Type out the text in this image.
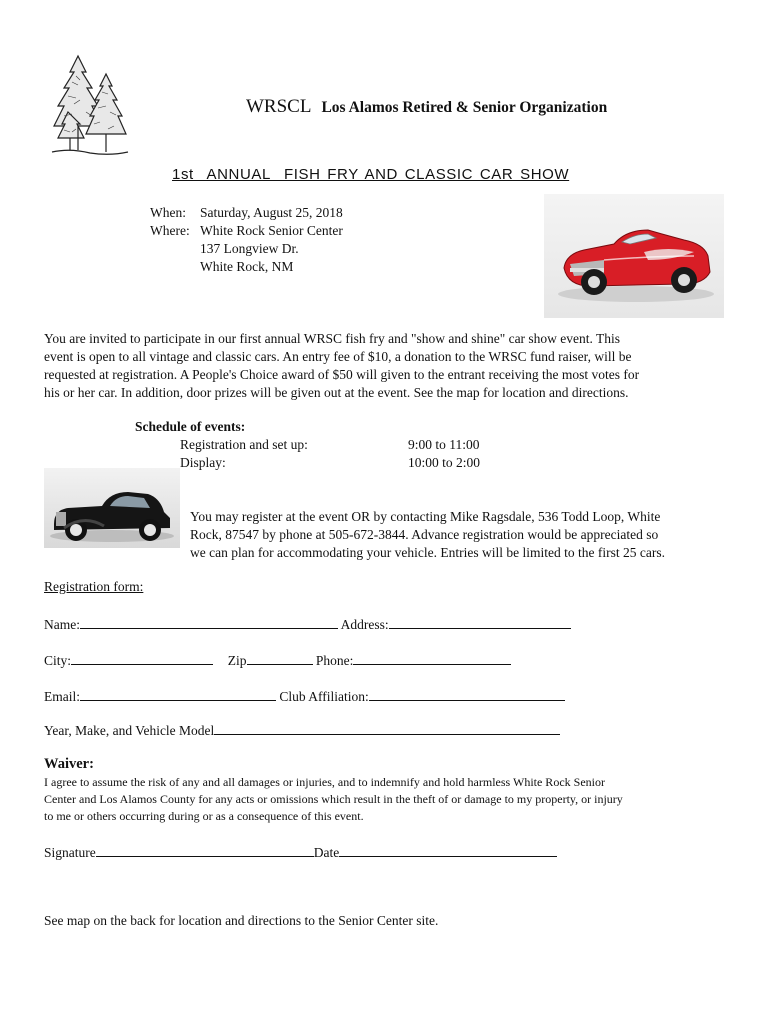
WRSCL Los Alamos Retired & Senior Organization
1st  ANNUAL  FISH FRY AND CLASSIC CAR SHOW
When: Saturday, August 25, 2018
Where: White Rock Senior Center
137 Longview Dr.
White Rock, NM
You are invited to participate in our first annual WRSC fish fry and "show and shine" car show event. This
event is open to all vintage and classic cars. An entry fee of $10, a donation to the WRSC fund raiser, will be
requested at registration. A People's Choice award of $50 will given to the entrant receiving the most votes for
his or her car. In addition, door prizes will be given out at the event. See the map for location and directions.
Schedule of events:
Registration and set up:	9:00 to 11:00
Display:	10:00 to 2:00
You may register at the event OR by contacting Mike Ragsdale, 536 Todd Loop, White
Rock, 87547 by phone at 505-672-3844. Advance registration would be appreciated so
we can plan for accommodating your vehicle. Entries will be limited to the first 25 cars.
Registration form:
Name:	Address:
City:	Zip	Phone:
Email:	Club Affiliation:
Year, Make, and Vehicle Model
Waiver:
I agree to assume the risk of any and all damages or injuries, and to indemnify and hold harmless White Rock Senior
Center and Los Alamos County for any acts or omissions which result in the theft of or damage to my property, or injury
to me or others occurring during or as a consequence of this event.
Signature	Date
See map on the back for location and directions to the Senior Center site.
